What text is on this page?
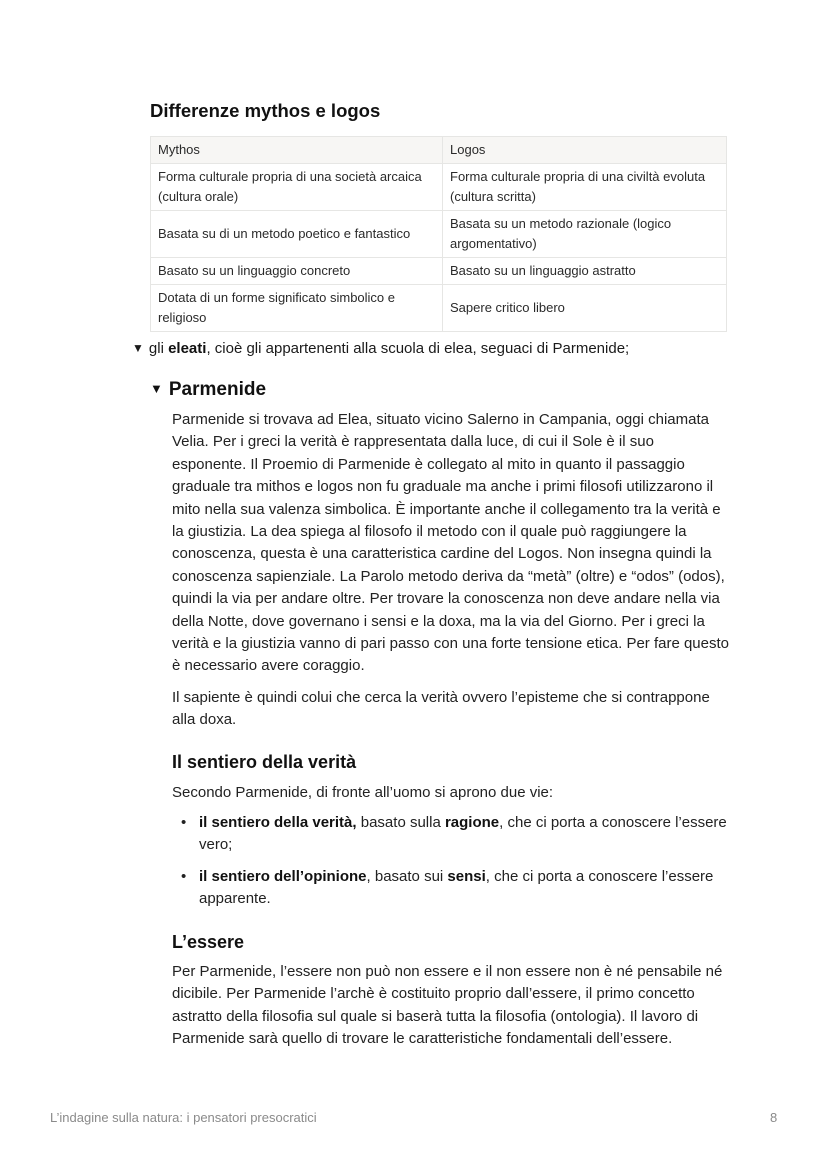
Differenze mythos e logos
Mythos	Logos
Forma culturale propria di una società arcaica (cultura orale)	Forma culturale propria di una civiltà evoluta (cultura scritta)
Basata su di un metodo poetico e fantastico	Basata su un metodo razionale (logico argomentativo)
Basato su un linguaggio concreto	Basato su un linguaggio astratto
Dotata di un forme significato simbolico e religioso	Sapere critico libero
▼ gli eleati, cioè gli appartenenti alla scuola di elea, seguaci di Parmenide;
▼ Parmenide

Parmenide si trovava ad Elea, situato vicino Salerno in Campania, oggi chiamata Velia. Per i greci la verità è rappresentata dalla luce, di cui il Sole è il suo esponente. Il Proemio di Parmenide è collegato al mito in quanto il passaggio graduale tra mithos e logos non fu graduale ma anche i primi filosofi utilizzarono il mito nella sua valenza simbolica. È importante anche il collegamento tra la verità e la giustizia. La dea spiega al filosofo il metodo con il quale può raggiungere la conoscenza, questa è una caratteristica cardine del Logos. Non insegna quindi la conoscenza sapienziale. La Parolo metodo deriva da “metà” (oltre) e “odos” (odos), quindi la via per andare oltre. Per trovare la conoscenza non deve andare nella via della Notte, dove governano i sensi e la doxa, ma la via del Giorno. Per i greci la verità e la giustizia vanno di pari passo con una forte tensione etica. Per fare questo è necessario avere coraggio.

Il sapiente è quindi colui che cerca la verità ovvero l’episteme che si contrappone alla doxa.

Il sentiero della verità

Secondo Parmenide, di fronte all’uomo si aprono due vie:

• il sentiero della verità, basato sulla ragione, che ci porta a conoscere l’essere vero;
• il sentiero dell’opinione, basato sui sensi, che ci porta a conoscere l’essere apparente.
L’essere

Per Parmenide, l’essere non può non essere e il non essere non è né pensabile né dicibile. Per Parmenide l’archè è costituito proprio dall’essere, il primo concetto astratto della filosofia sul quale si baserà tutta la filosofia (ontologia). Il lavoro di Parmenide sarà quello di trovare le caratteristiche fondamentali dell’essere.

L’indagine sulla natura: i pensatori presocratici	8
